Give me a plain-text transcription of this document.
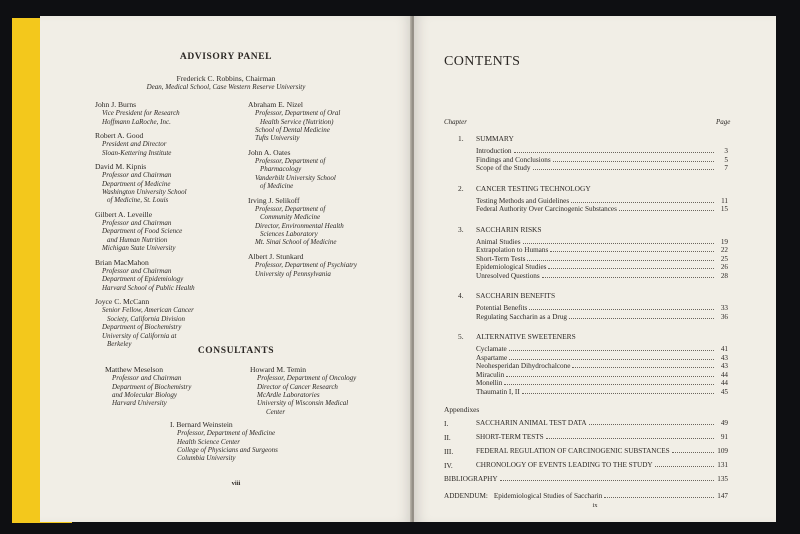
ADVISORY PANEL
Frederick C. Robbins, Chairman
Dean, Medical School, Case Western Reserve University
John J. Burns
Vice President for Research
Hoffmann LaRoche, Inc.
Robert A. Good
President and Director
Sloan-Kettering Institute
David M. Kipnis
Professor and Chairman
Department of Medicine
Washington University School
of Medicine, St. Louis
Gilbert A. Leveille
Professor and Chairman
Department of Food Science
and Human Nutrition
Michigan State University
Brian MacMahon
Professor and Chairman
Department of Epidemiology
Harvard School of Public Health
Joyce C. McCann
Senior Fellow, American Cancer
Society, California Division
Department of Biochemistry
University of California at
Berkeley
Abraham E. Nizel
Professor, Department of Oral
Health Service (Nutrition)
School of Dental Medicine
Tufts University
John A. Oates
Professor, Department of
Pharmacology
Vanderbilt University School
of Medicine
Irving J. Selikoff
Professor, Department of
Community Medicine
Director, Environmental Health
Sciences Laboratory
Mt. Sinai School of Medicine
Albert J. Stunkard
Professor, Department of Psychiatry
University of Pennsylvania
CONSULTANTS
Matthew Meselson
Professor and Chairman
Department of Biochemistry
and Molecular Biology
Harvard University
Howard M. Temin
Professor, Department of Oncology
Director of Cancer Research
McArdle Laboratories
University of Wisconsin Medical
Center
I. Bernard Weinstein
Professor, Department of Medicine
Health Science Center
College of Physicians and Surgeons
Columbia University
viii
CONTENTS
Chapter	Page
1. SUMMARY
Introduction	3
Findings and Conclusions	5
Scope of the Study	7
2. CANCER TESTING TECHNOLOGY
Testing Methods and Guidelines	11
Federal Authority Over Carcinogenic Substances	15
3. SACCHARIN RISKS
Animal Studies	19
Extrapolation to Humans	22
Short-Term Tests	25
Epidemiological Studies	26
Unresolved Questions	28
4. SACCHARIN BENEFITS
Potential Benefits	33
Regulating Saccharin as a Drug	36
5. ALTERNATIVE SWEETENERS
Cyclamate	41
Aspartame	43
Neohesperidan Dihydrochalcone	43
Miraculin	44
Monellin	44
Thaumatin I, II	45
Appendixes
I.	SACCHARIN ANIMAL TEST DATA	49
II.	SHORT-TERM TESTS	91
III.	FEDERAL REGULATION OF CARCINOGENIC SUBSTANCES	109
IV.	CHRONOLOGY OF EVENTS LEADING TO THE STUDY	131
BIBLIOGRAPHY	135
ADDENDUM: Epidemiological Studies of Saccharin	147
ix
